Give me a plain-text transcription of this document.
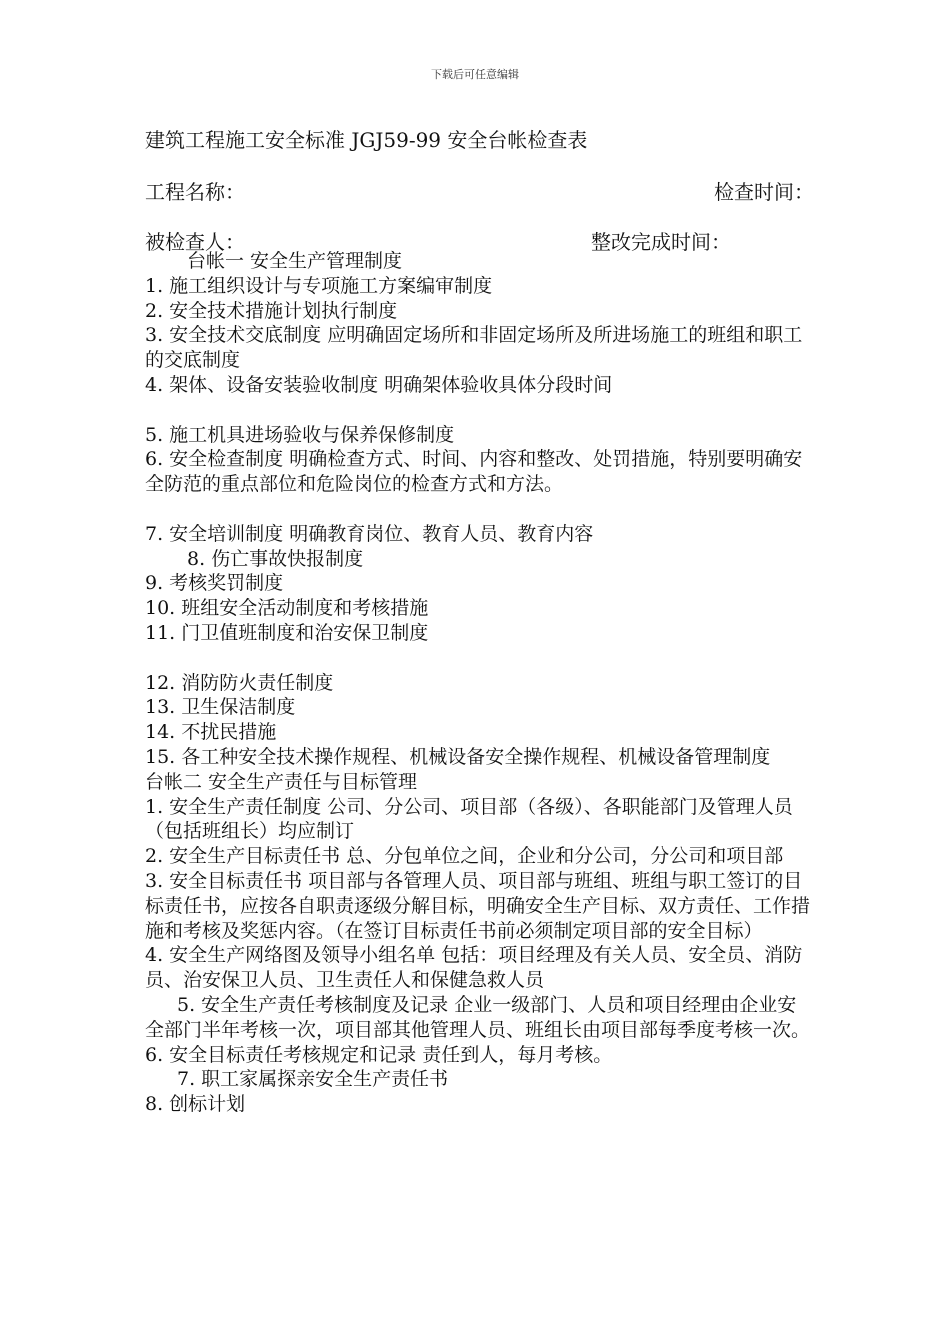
下载后可任意编辑
建筑工程施工安全标准 JGJ59-99 安全台帐检查表
工程名称：	检查时间：
被检查人：	整改完成时间：

台帐一 安全生产管理制度

1. 施工组织设计与专项施工方案编审制度

2. 安全技术措施计划执行制度

3. 安全技术交底制度 应明确固定场所和非固定场所及所进场施工的班组和职工的交底制度

4. 架体、设备安装验收制度 明确架体验收具体分段时间

5. 施工机具进场验收与保养保修制度

6. 安全检查制度 明确检查方式、时间、内容和整改、处罚措施，特别要明确安全防范的重点部位和危险岗位的检查方式和方法。

7. 安全培训制度 明确教育岗位、教育人员、教育内容

8. 伤亡事故快报制度

9. 考核奖罚制度

10. 班组安全活动制度和考核措施

11. 门卫值班制度和治安保卫制度

12. 消防防火责任制度

13. 卫生保洁制度

14. 不扰民措施

15. 各工种安全技术操作规程、机械设备安全操作规程、机械设备管理制度

台帐二 安全生产责任与目标管理

1. 安全生产责任制度 公司、分公司、项目部（各级）、各职能部门及管理人员（包括班组长）均应制订

2. 安全生产目标责任书 总、分包单位之间，企业和分公司，分公司和项目部

3. 安全目标责任书 项目部与各管理人员、项目部与班组、班组与职工签订的目标责任书，应按各自职责逐级分解目标，明确安全生产目标、双方责任、工作措施和考核及奖惩内容。（在签订目标责任书前必须制定项目部的安全目标）

4. 安全生产网络图及领导小组名单 包括：项目经理及有关人员、安全员、消防员、治安保卫人员、卫生责任人和保健急救人员

5. 安全生产责任考核制度及记录 企业一级部门、人员和项目经理由企业安全部门半年考核一次，项目部其他管理人员、班组长由项目部每季度考核一次。

6. 安全目标责任考核规定和记录 责任到人，每月考核。

7. 职工家属探亲安全生产责任书

8. 创标计划
